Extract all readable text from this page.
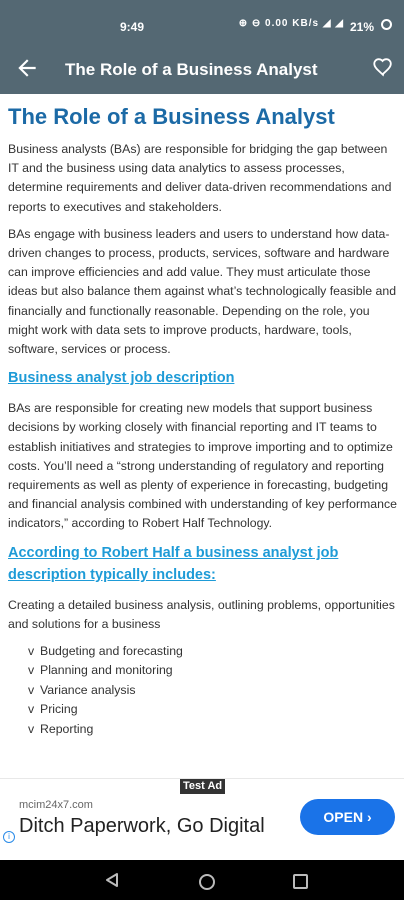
9:49	⊕ ⊖ 0.00 KB/s ◢ ◢ 21%
The Role of a Business Analyst
The Role of a Business Analyst

Business analysts (BAs) are responsible for bridging the gap between IT and the business using data analytics to assess processes, determine requirements and deliver data-driven recommendations and reports to executives and stakeholders.

BAs engage with business leaders and users to understand how data-driven changes to process, products, services, software and hardware can improve efficiencies and add value. They must articulate those ideas but also balance them against what’s technologically feasible and financially and functionally reasonable. Depending on the role, you might work with data sets to improve products, hardware, tools, software, services or process.

Business analyst job description

BAs are responsible for creating new models that support business decisions by working closely with financial reporting and IT teams to establish initiatives and strategies to improve importing and to optimize costs. You’ll need a “strong understanding of regulatory and reporting requirements as well as plenty of experience in forecasting, budgeting and financial analysis combined with understanding of key performance indicators,” according to Robert Half Technology.

According to Robert Half a business analyst job description typically includes:

Creating a detailed business analysis, outlining problems, opportunities and solutions for a business

v Budgeting and forecasting
v Planning and monitoring
v Variance analysis
v Pricing
v Reporting
Test Ad
mcim24x7.com
Ditch Paperwork, Go Digital	OPEN ›
i
